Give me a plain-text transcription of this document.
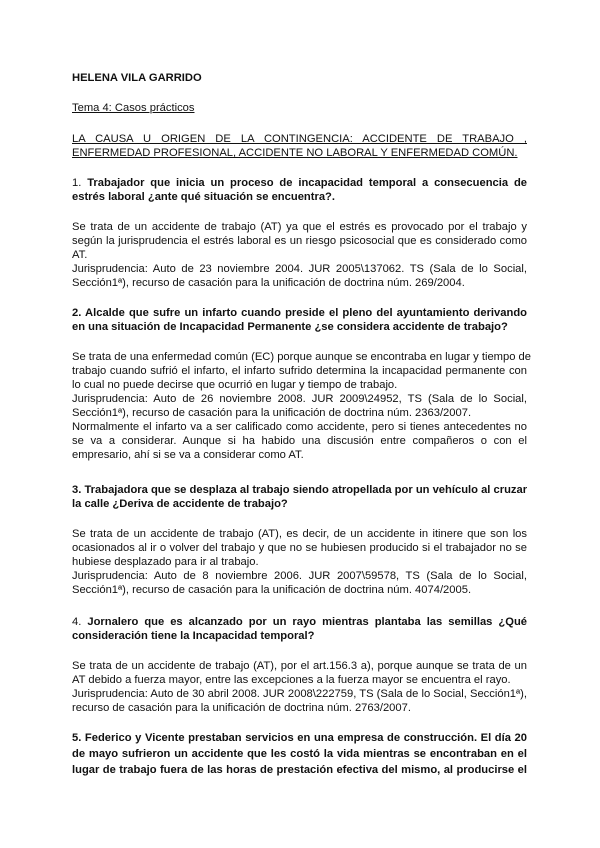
HELENA VILA GARRIDO
Tema 4: Casos prácticos
LA CAUSA U ORIGEN DE LA CONTINGENCIA: ACCIDENTE DE TRABAJO ,
ENFERMEDAD PROFESIONAL, ACCIDENTE NO LABORAL Y ENFERMEDAD COMÚN.
1. Trabajador que inicia un proceso de incapacidad temporal a consecuencia de
estrés laboral ¿ante qué situación se encuentra?.
Se trata de un accidente de trabajo (AT) ya que el estrés es provocado por el trabajo y
según la jurisprudencia el estrés laboral es un riesgo psicosocial que es considerado como
AT.
Jurisprudencia: Auto de 23 noviembre 2004. JUR 2005\137062. TS (Sala de lo Social,
Sección1ª), recurso de casación para la unificación de doctrina núm. 269/2004.
2. Alcalde que sufre un infarto cuando preside el pleno del ayuntamiento derivando
en una situación de Incapacidad Permanente ¿se considera accidente de trabajo?
Se trata de una enfermedad común (EC) porque aunque se encontraba en lugar y tiempo de
trabajo cuando sufrió el infarto, el infarto sufrido determina la incapacidad permanente con
lo cual no puede decirse que ocurrió en lugar y tiempo de trabajo.
Jurisprudencia: Auto de 26 noviembre 2008. JUR 2009\24952, TS (Sala de lo Social,
Sección1ª), recurso de casación para la unificación de doctrina núm. 2363/2007.
Normalmente el infarto va a ser calificado como accidente, pero si tienes antecedentes no
se va a considerar. Aunque si ha habido una discusión entre compañeros o con el
empresario, ahí si se va a considerar como AT.
3. Trabajadora que se desplaza al trabajo siendo atropellada por un vehículo al cruzar
la calle ¿Deriva de accidente de trabajo?
Se trata de un accidente de trabajo (AT), es decir, de un accidente in itinere que son los
ocasionados al ir o volver del trabajo y que no se hubiesen producido si el trabajador no se
hubiese desplazado para ir al trabajo.
Jurisprudencia: Auto de 8 noviembre 2006. JUR 2007\59578, TS (Sala de lo Social,
Sección1ª), recurso de casación para la unificación de doctrina núm. 4074/2005.
4. Jornalero que es alcanzado por un rayo mientras plantaba las semillas ¿Qué
consideración tiene la Incapacidad temporal?
Se trata de un accidente de trabajo (AT), por el art.156.3 a), porque aunque se trata de un
AT debido a fuerza mayor, entre las excepciones a la fuerza mayor se encuentra el rayo.
Jurisprudencia: Auto de 30 abril 2008. JUR 2008\222759, TS (Sala de lo Social, Sección1ª),
recurso de casación para la unificación de doctrina núm. 2763/2007.
5. Federico y Vicente prestaban servicios en una empresa de construcción. El día 20
de mayo sufrieron un accidente que les costó la vida mientras se encontraban en el
lugar de trabajo fuera de las horas de prestación efectiva del mismo, al producirse el
